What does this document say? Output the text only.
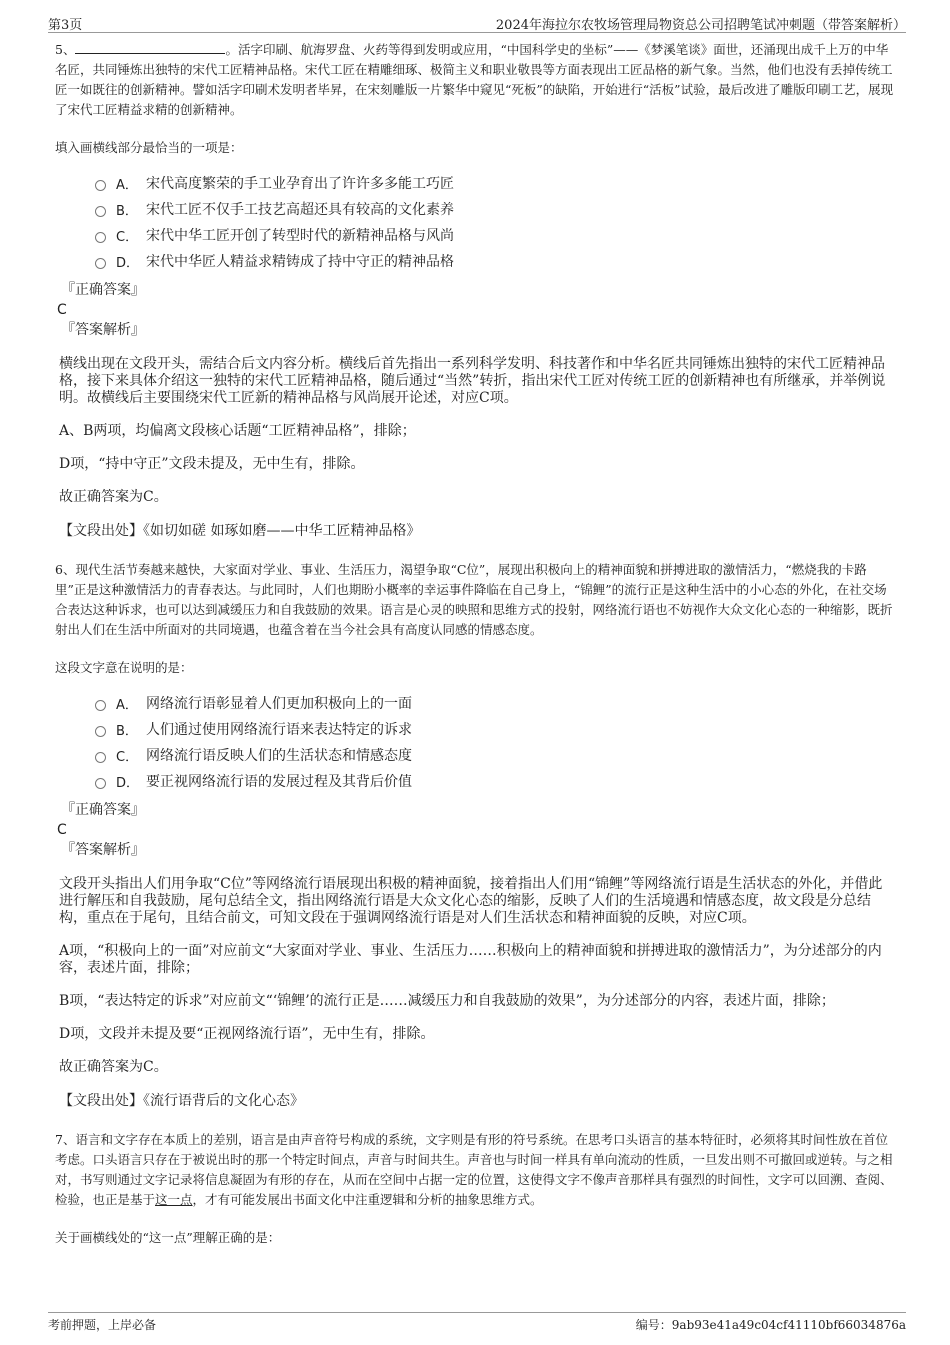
第3页	2024年海拉尔农牧场管理局物资总公司招聘笔试冲刺题（带答案解析）

5、	。活字印刷、航海罗盘、火药等得到发明或应用，“中国科学史的坐标”——《梦溪笔谈》面世，还涌现出成千上万的中华名匠，共同锤炼出独特的宋代工匠精神品格。宋代工匠在精雕细琢、极简主义和职业敬畏等方面表现出工匠品格的新气象。当然，他们也没有丢掉传统工匠一如既往的创新精神。譬如活字印刷术发明者毕昇，在宋刻雕版一片繁华中窥见“死板”的缺陷，开始进行“活板”试验，最后改进了雕版印刷工艺，展现了宋代工匠精益求精的创新精神。

填入画横线部分最恰当的一项是：

A． 宋代高度繁荣的手工业孕育出了许许多多能工巧匠
B． 宋代工匠不仅手工技艺高超还具有较高的文化素养
C． 宋代中华工匠开创了转型时代的新精神品格与风尚
D． 宋代中华匠人精益求精铸成了持中守正的精神品格

『正确答案』

C

『答案解析』

横线出现在文段开头，需结合后文内容分析。横线后首先指出一系列科学发明、科技著作和中华名匠共同锤炼出独特的宋代工匠精神品格，接下来具体介绍这一独特的宋代工匠精神品格，随后通过“当然”转折，指出宋代工匠对传统工匠的创新精神也有所继承，并举例说明。故横线后主要围绕宋代工匠新的精神品格与风尚展开论述，对应C项。

A、B两项，均偏离文段核心话题“工匠精神品格”，排除；

D项，“持中守正”文段未提及，无中生有，排除。

故正确答案为C。

【文段出处】《如切如磋 如琢如磨——中华工匠精神品格》

6、现代生活节奏越来越快，大家面对学业、事业、生活压力，渴望争取“C位”，展现出积极向上的精神面貌和拼搏进取的激情活力，“燃烧我的卡路里”正是这种激情活力的青春表达。与此同时，人们也期盼小概率的幸运事件降临在自己身上，“锦鲤”的流行正是这种生活中的小心态的外化，在社交场合表达这种诉求，也可以达到减缓压力和自我鼓励的效果。语言是心灵的映照和思维方式的投射，网络流行语也不妨视作大众文化心态的一种缩影，既折射出人们在生活中所面对的共同境遇，也蕴含着在当今社会具有高度认同感的情感态度。

这段文字意在说明的是：

A． 网络流行语彰显着人们更加积极向上的一面
B． 人们通过使用网络流行语来表达特定的诉求
C． 网络流行语反映人们的生活状态和情感态度
D． 要正视网络流行语的发展过程及其背后价值

『正确答案』

C

『答案解析』

文段开头指出人们用争取“C位”等网络流行语展现出积极的精神面貌，接着指出人们用“锦鲤”等网络流行语是生活状态的外化，并借此进行解压和自我鼓励，尾句总结全文，指出网络流行语是大众文化心态的缩影，反映了人们的生活境遇和情感态度，故文段是分总结构，重点在于尾句，且结合前文，可知文段在于强调网络流行语是对人们生活状态和精神面貌的反映，对应C项。

A项，“积极向上的一面”对应前文“大家面对学业、事业、生活压力……积极向上的精神面貌和拼搏进取的激情活力”，为分述部分的内容，表述片面，排除；

B项，“表达特定的诉求”对应前文“‘锦鲤’的流行正是……减缓压力和自我鼓励的效果”，为分述部分的内容，表述片面，排除；

D项，文段并未提及要“正视网络流行语”，无中生有，排除。

故正确答案为C。

【文段出处】《流行语背后的文化心态》

7、语言和文字存在本质上的差别，语言是由声音符号构成的系统，文字则是有形的符号系统。在思考口头语言的基本特征时，必须将其时间性放在首位考虑。口头语言只存在于被说出时的那一个特定时间点，声音与时间共生。声音也与时间一样具有单向流动的性质，一旦发出则不可撤回或逆转。与之相对，书写则通过文字记录将信息凝固为有形的存在，从而在空间中占据一定的位置，这使得文字不像声音那样具有强烈的时间性，文字可以回溯、查阅、检验，也正是基于这一点，才有可能发展出书面文化中注重逻辑和分析的抽象思维方式。

关于画横线处的“这一点”理解正确的是：

考前押题，上岸必备	编号：9ab93e41a49c04cf41110bf66034876a
